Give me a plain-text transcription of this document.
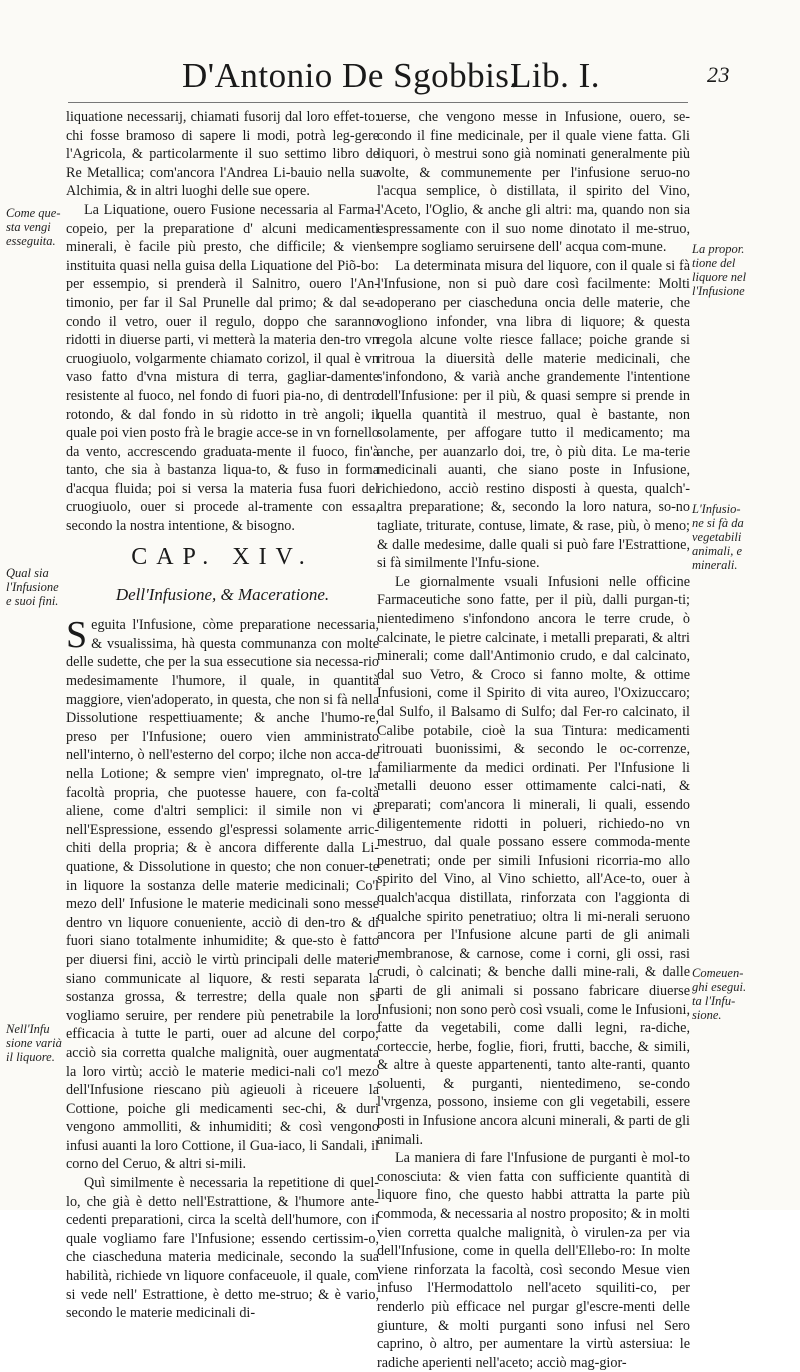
D'Antonio De Sgobbis.
Lib. I.	23

liquatione necessarij, chiamati fusorij dal loro effet-to: chi fosse bramoso di sapere li modi, potrà leg-gere l'Agricola, & particolarmente il suo settimo libro de Re Metallica; com'ancora l'Andrea Li-bauio nella sua Alchimia, & in altri luoghi delle sue opere.

La Liquatione, ouero Fusione necessaria al Farma-copeio, per la preparatione d' alcuni medicamenti minerali, è facile più presto, che difficile; & vien' instituita quasi nella guisa della Liquatione del Piõ-bo: per essempio, si prenderà il Salnitro, ouero l'An-timonio, per far il Sal Prunelle dal primo; & dal se-condo il vetro, ouer il regulo, doppo che saranno ridotti in diuerse parti, vi metterà la materia den-tro vn cruogiuolo, volgarmente chiamato corizol, il qual è vn vaso fatto d'vna mistura di terra, gagliar-damente resistente al fuoco, nel fondo di fuori pia-no, di dentro rotondo, & dal fondo in sù ridotto in trè angoli; il quale poi vien posto frà le bragie acce-se in vn fornello da vento, accrescendo graduata-mente il fuoco, fin'à tanto, che sia à bastanza liqua-to, & fuso in forma d'acqua fluida; poi si versa la materia fusa fuori del cruogiuolo, ouer si procede al-tramente con essa, secondo la nostra intentione, & bisogno.

CAP. XIV.
Dell'Infusione, & Maceratione.

Seguita l'Infusione, còme preparatione necessaria, & vsualissima, hà questa communanza con molte delle sudette, che per la sua essecutione sia necessa-rio medesimamente l'humore, il quale, in quantità maggiore, vien'adoperato, in questa, che non si fà nella Dissolutione respettiuamente; & anche l'humo-re, preso per l'Infusione; ouero vien amministrato nell'interno, ò nell'esterno del corpo; ilche non acca-de nella Lotione; & sempre vien' impregnato, ol-tre la facoltà propria, che puotesse hauere, con fa-coltà aliene, come d'altri semplici: il simile non vi è nell'Espressione, essendo gl'espressi solamente arric-chiti della propria; & è ancora differente dalla Li-quatione, & Dissolutione in questo; che non conuer-te in liquore la sostanza delle materie medicinali; Co'l mezo dell' Infusione le materie medicinali sono messe dentro vn liquore conueniente, acciò di den-tro & di fuori siano totalmente inhumidite; & que-sto è fatto per diuersi fini, acciò le virtù principali delle materie siano communicate al liquore, & resti separata la sostanza grossa, & terrestre; della quale non si vogliamo seruire, per rendere più penetrabile la loro efficacia à tutte le parti, ouer ad alcune del corpo; acciò sia corretta qualche malignità, ouer augmentata la loro virtù; acciò le materie medici-nali co'l mezo dell'Infusione riescano più agieuoli à riceuere la Cottione, poiche gli medicamenti sec-chi, & duri vengono ammolliti, & inhumiditi; & così vengono infusi auanti la loro Cottione, il Gua-iaco, li Sandali, il corno del Ceruo, & altri si-mili.

Quì similmente è necessaria la repetitione di quel-lo, che già è detto nell'Estrattione, & l'humore ante-cedenti preparationi, circa la sceltà dell'humore, con il quale vogliamo fare l'Infusione; essendo certissim-o, che ciascheduna materia medicinale, secondo la sua habilità, richiede vn liquore confaceuole, il quale, com si vede nell' Estrattione, è detto me-struo; & è vario, secondo le materie medicinali di-

uerse, che vengono messe in Infusione, ouero, se-condo il fine medicinale, per il quale viene fatta. Gli liquori, ò mestrui sono già nominati generalmente più volte, & communemente per l'infusione seruo-no l'acqua semplice, ò distillata, il spirito del Vino, l'Aceto, l'Oglio, & anche gli altri: ma, quando non sia espressamente con il suo nome dinotato il me-struo, sempre sogliamo seruirsene dell' acqua com-mune.

La determinata misura del liquore, con il quale si fà l'Infusione, non si può dare così facilmente: Molti adoperano per ciascheduna oncia delle materie, che vogliono infonder, vna libra di liquore; & questa regola alcune volte riesce fallace; poiche grande si ritroua la diuersità delle materie medicinali, che s'infondono, & varià anche grandemente l'intentione dell'Infusione: per il più, & quasi sempre si prende in quella quantità il mestruo, qual è bastante, non solamente, per affogare tutto il medicamento; ma anche, per auanzarlo doi, tre, ò più dita. Le ma-terie medicinali auanti, che siano poste in Infusione, richiedono, acciò restino disposti à questa, qualch'-altra preparatione; &, secondo la loro natura, so-no tagliate, triturate, contuse, limate, & rase, più, ò meno; & dalle medesime, dalle quali si può fare l'Estrattione, si fà similmente l'Infu-sione.

Le giornalmente vsuali Infusioni nelle officine Farmaceutiche sono fatte, per il più, dalli purgan-ti; nientedimeno s'infondono ancora le terre crude, ò calcinate, le pietre calcinate, i metalli preparati, & altri minerali; come dall'Antimonio crudo, e dal calcinato, dal suo Vetro, & Croco si fanno molte, & ottime Infusioni, come il Spirito di vita aureo, l'Oxizuccaro; dal Sulfo, il Balsamo di Sulfo; dal Fer-ro calcinato, il Calibe potabile, cioè la sua Tintura: medicamenti ritrouati buonissimi, & secondo le oc-correnze, familiarmente da medici ordinati. Per l'Infusione li metalli deuono esser ottimamente calci-nati, & preparati; com'ancora li minerali, li quali, essendo diligentemente ridotti in polueri, richiedo-no vn mestruo, dal quale possano essere commoda-mente penetrati; onde per simili Infusioni ricorria-mo allo spirito del Vino, al Vino schietto, all'Ace-to, ouer à qualch'acqua distillata, rinforzata con l'aggionta di qualche spirito penetratiuo; oltra li mi-nerali seruono ancora per l'Infusione alcune parti de gli animali membranose, & carnose, come i corni, gli ossi, rasi crudi, ò calcinati; & benche dalli mine-rali, & dalle parti de gli animali si possano fabricare diuerse Infusioni; non sono però così vsuali, come le Infusioni, fatte da vegetabili, come dalli legni, ra-diche, corteccie, herbe, foglie, fiori, frutti, bacche, & simili, & altre à queste appartenenti, tanto alte-ranti, quanto soluenti, & purganti, nientedimeno, se-condo l'vrgenza, possono, insieme con gli vegetabili, essere posti in Infusione ancora alcuni minerali, & parti de gli animali.

La maniera di fare l'Infusione de purganti è mol-to conosciuta: & vien fatta con sufficiente quantità di liquore fino, che questo habbi attratta la parte più commoda, & necessaria al nostro proposito; & in molti vien corretta qualche malignità, ò virulen-za per via dell'Infusione, come in quella dell'Ellebo-ro: In molte viene rinforzata la facoltà, così secondo Mesue vien infuso l'Hermodattolo nell'aceto squiliti-co, per renderlo più efficace nel purgar gl'escre-menti delle giunture, & molti purganti sono infusi nel Sero caprino, ò altro, per aumentare la virtù astersiua: le radiche aperienti nell'aceto; acciò mag-gior-

Come que-sta vengi esseguita.
Qual sia l'Infusione e suoi fini.
Nell'Infu sione varià il liquore.
La propor. tione del liquore nel l'Infusione
L'Infusio-ne si fà da vegetabili animali, e minerali.
Comeuen-ghi esegui. ta l'Infu-sione.
